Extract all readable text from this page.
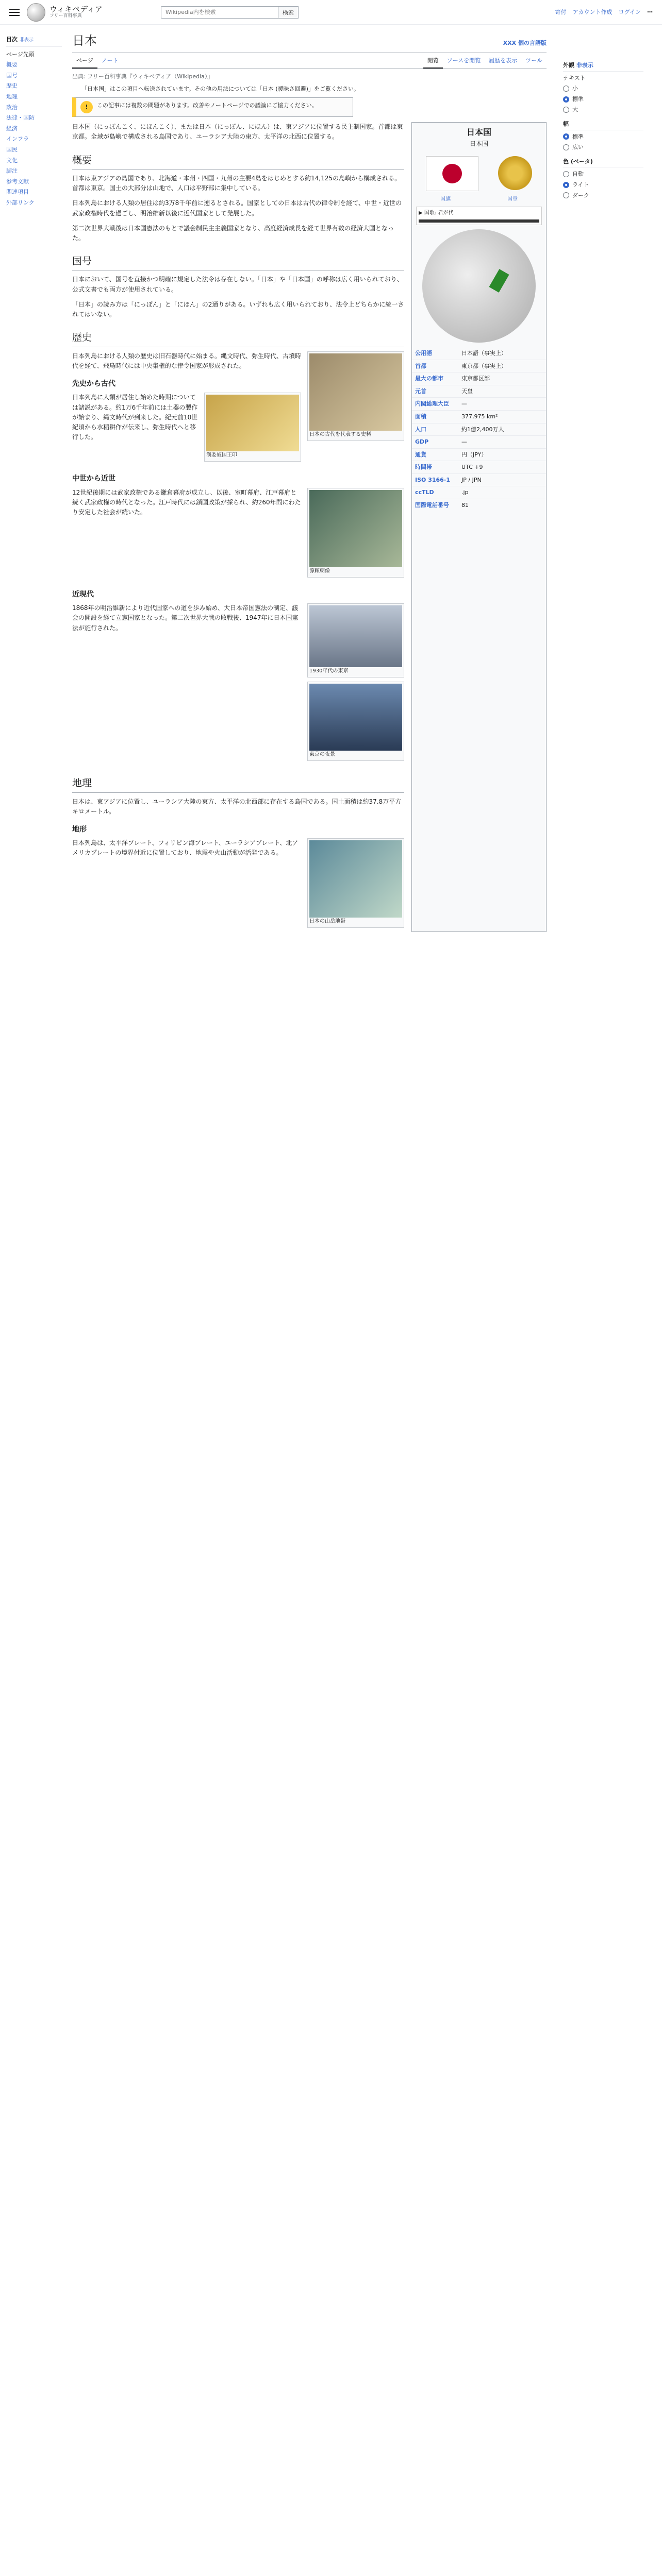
ウィキペディア
フリー百科事典
Wikipedia内を検索
検索	寄付 アカウント作成 ログイン ⋯
目次 非表示
ページ先頭
概要
国号
歴史
地理
政治
法律・国防
経済
インフラ
国民
文化
脚注
参考文献
関連項目
外部リンク
日本	XXX 個の言語版
ページ	ノート	閲覧	ソースを閲覧	履歴を表示	ツール
出典: フリー百科事典『ウィキペディア（Wikipedia）』
「日本国」はこの項目へ転送されています。その他の用法については「日本 (曖昧さ回避)」をご覧ください。
!	この記事には複数の問題があります。改善やノートページでの議論にご協力ください。

日本国（にっぽんこく、にほんこく）、または日本（にっぽん、にほん）は、東アジアに位置する民主制国家。首都は東京都。全域が島嶼で構成される島国であり、ユーラシア大陸の東方、太平洋の北西に位置する。

概要

日本は東アジアの島国であり、北海道・本州・四国・九州の主要4島をはじめとする約14,125の島嶼から構成される。首都は東京。国土の大部分は山地で、人口は平野部に集中している。

日本列島における人類の居住は約3万8千年前に遡るとされる。国家としての日本は古代の律令制を経て、中世・近世の武家政権時代を過ごし、明治維新以後に近代国家として発展した。

第二次世界大戦後は日本国憲法のもとで議会制民主主義国家となり、高度経済成長を経て世界有数の経済大国となった。

国号

日本において、国号を直接かつ明確に規定した法令は存在しない。「日本」や「日本国」の呼称は広く用いられており、公式文書でも両方が使用されている。

「日本」の読み方は「にっぽん」と「にほん」の2通りがある。いずれも広く用いられており、法令上どちらかに統一されてはいない。

歴史
日本の古代を代表する史料

日本列島における人類の歴史は旧石器時代に始まる。縄文時代、弥生時代、古墳時代を経て、飛鳥時代には中央集権的な律令国家が形成された。

先史から古代
漢委奴国王印

日本列島に人類が居住し始めた時期については諸説がある。約1万6千年前には土器の製作が始まり、縄文時代が到来した。紀元前10世紀頃から水稲耕作が伝来し、弥生時代へと移行した。

中世から近世
源頼朝像

12世紀後期には武家政権である鎌倉幕府が成立し、以後、室町幕府、江戸幕府と続く武家政権の時代となった。江戸時代には鎖国政策が採られ、約260年間にわたり安定した社会が続いた。

近現代
1930年代の東京
東京の夜景

1868年の明治維新により近代国家への道を歩み始め、大日本帝国憲法の制定、議会の開設を経て立憲国家となった。第二次世界大戦の敗戦後、1947年に日本国憲法が施行された。

地理

日本は、東アジアに位置し、ユーラシア大陸の東方、太平洋の北西部に存在する島国である。国土面積は約37.8万平方キロメートル。

地形
日本の山岳地帯

日本列島は、太平洋プレート、フィリピン海プレート、ユーラシアプレート、北アメリカプレートの境界付近に位置しており、地震や火山活動が活発である。

日本国
日本国
国旗	国章
▶ 国歌: 君が代
公用語	日本語（事実上）
首都	東京都（事実上）
最大の都市	東京都区部
元首	天皇
内閣総理大臣	—
面積	377,975 km²
人口	約1億2,400万人
GDP	—
通貨	円（JPY）
時間帯	UTC +9
ISO 3166-1	JP / JPN
ccTLD	.jp
国際電話番号	81
外観 非表示
テキスト
小
標準
大
幅
標準
広い
色 (ベータ)
自動
ライト
ダーク
